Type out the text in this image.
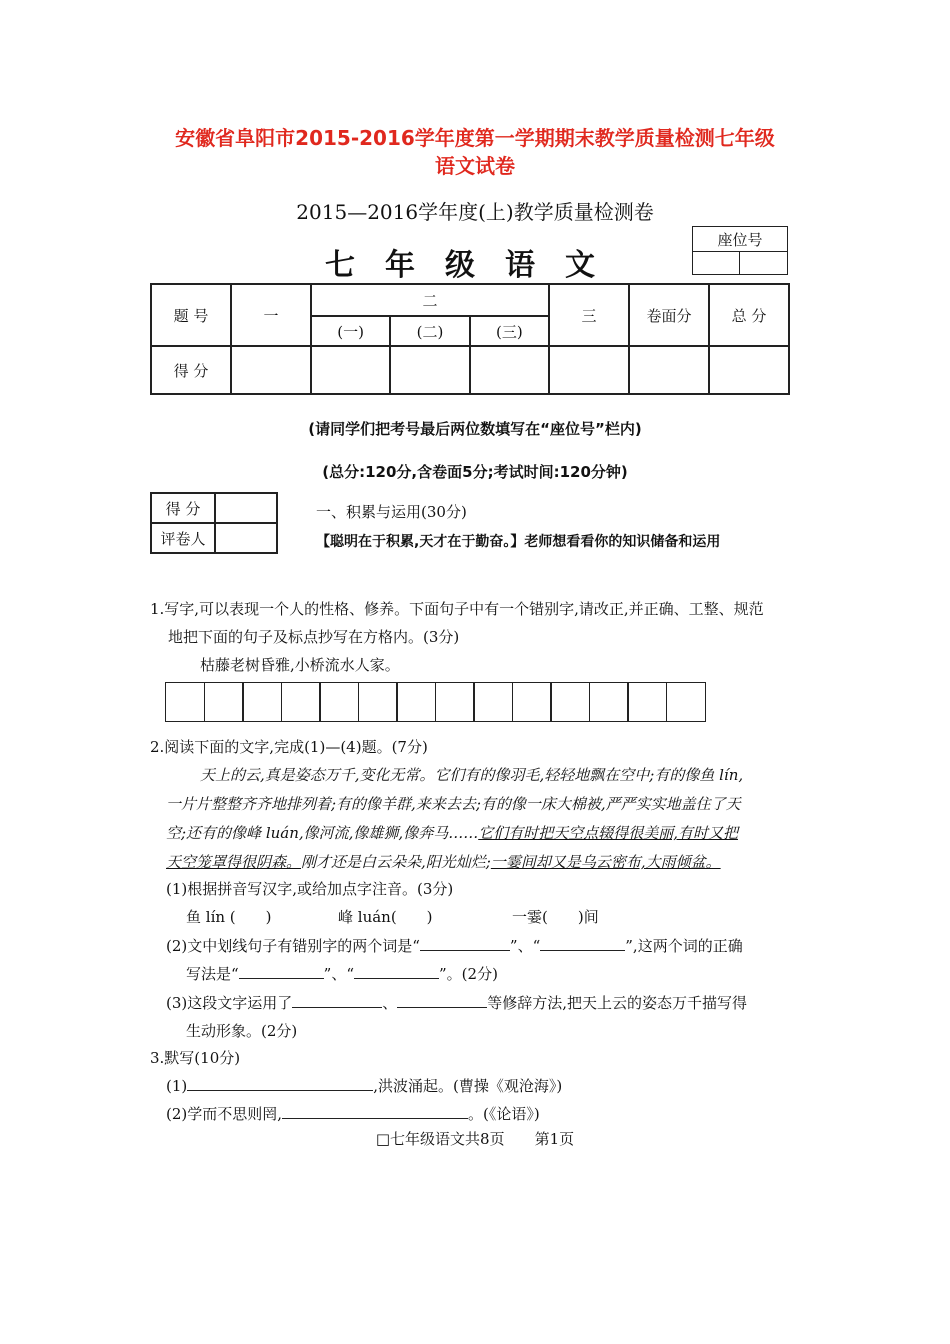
安徽省阜阳市2015-2016学年度第一学期期末教学质量检测七年级
语文试卷
2015—2016学年度(上)教学质量检测卷
七年级语文
座位号

题 号	一	二			三	卷面分	总 分
		(一)	(二)	(三)			
得 分							
(请同学们把考号最后两位数填写在“座位号”栏内)
(总分:120分,含卷面5分;考试时间:120分钟)
得 分	
评卷人	
一、积累与运用(30分)
【聪明在于积累,天才在于勤奋。】老师想看看你的知识储备和运用
1.写字,可以表现一个人的性格、修养。下面句子中有一个错别字,请改正,并正确、工整、规范
地把下面的句子及标点抄写在方格内。(3分)
枯藤老树昏雅,小桥流水人家。
2.阅读下面的文字,完成(1)—(4)题。(7分)
天上的云,真是姿态万千,变化无常。它们有的像羽毛,轻轻地飘在空中;有的像鱼 lín,
一片片整整齐齐地排列着;有的像羊群,来来去去;有的像一床大棉被,严严实实地盖住了天
空;还有的像峰 luán,像河流,像雄狮,像奔马……它们有时把天空点辍得很美丽,有时又把
天空笼罩得很阴森。刚才还是白云朵朵,阳光灿烂;一霎间却又是乌云密布,大雨倾盆。
(1)根据拼音写汉字,或给加点字注音。(3分)
鱼 lín (　　)	峰 luán(　　)	一霎(　　)间
(2)文中划线句子有错别字的两个词是“	”、“	”,这两个词的正确
写法是“	”、“	”。(2分)
(3)这段文字运用了	、	等修辞方法,把天上云的姿态万千描写得
生动形象。(2分)
3.默写(10分)
(1)	,洪波涌起。(曹操《观沧海》)
(2)学而不思则罔,	。(《论语》)
□七年级语文共8页　　第1页
